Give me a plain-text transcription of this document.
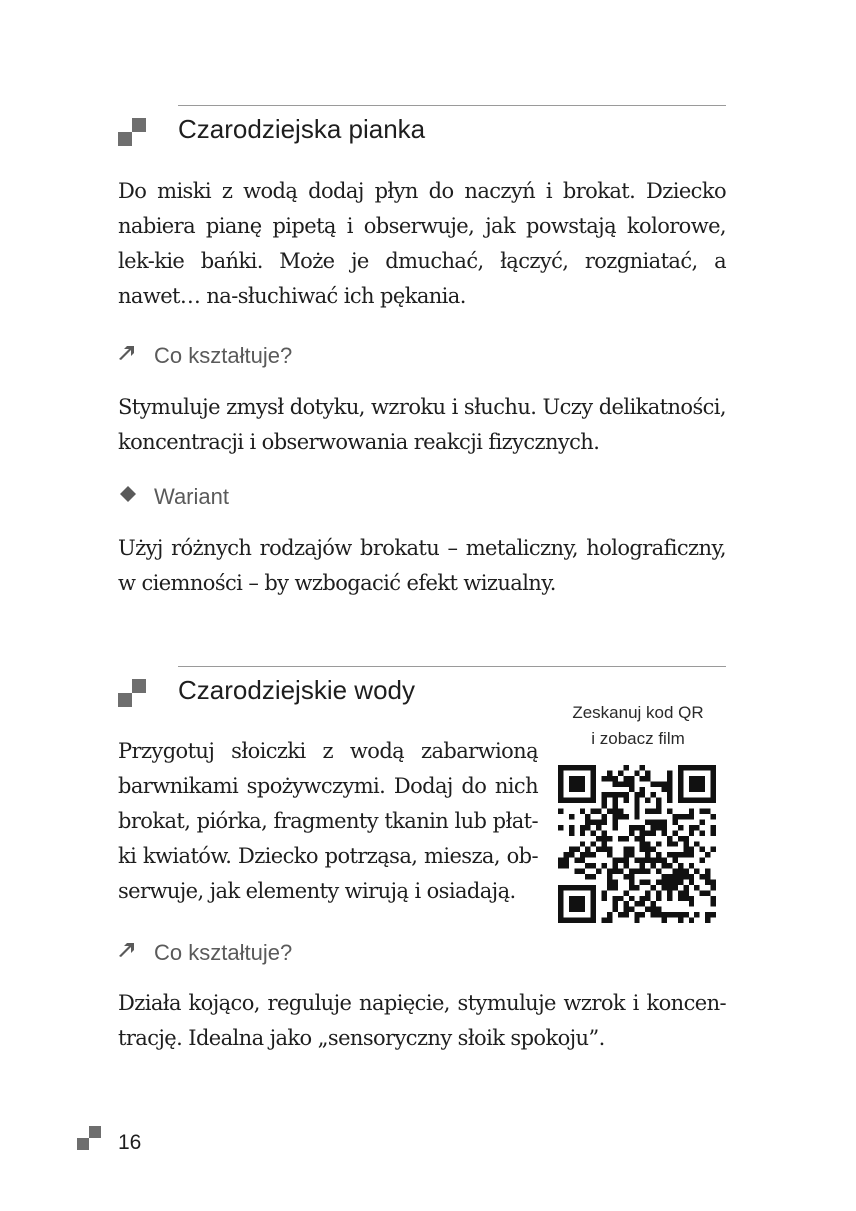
Czarodziejska pianka

Do miski z wodą dodaj płyn do naczyń i brokat. Dziecko nabiera pianę pipetą i obserwuje, jak powstają kolorowe, lek-kie bańki. Może je dmuchać, łączyć, rozgniatać, a nawet… na-słuchiwać ich pękania.

Co kształtuje?

Stymuluje zmysł dotyku, wzroku i słuchu. Uczy delikatności, koncentracji i obserwowania reakcji fizycznych.

Wariant

Użyj różnych rodzajów brokatu – metaliczny, holograficzny, w ciemności – by wzbogacić efekt wizualny.

Czarodziejskie wody

Przygotuj słoiczki z wodą zabarwioną barwnikami spożywczymi. Dodaj do nich brokat, piórka, fragmenty tkanin lub płat-ki kwiatów. Dziecko potrząsa, miesza, ob-serwuje, jak elementy wirują i osiadają.

Zeskanuj kod QR
i zobacz film
Co kształtuje?

Działa kojąco, reguluje napięcie, stymuluje wzrok i koncen-trację. Idealna jako „sensoryczny słoik spokoju”.

16
